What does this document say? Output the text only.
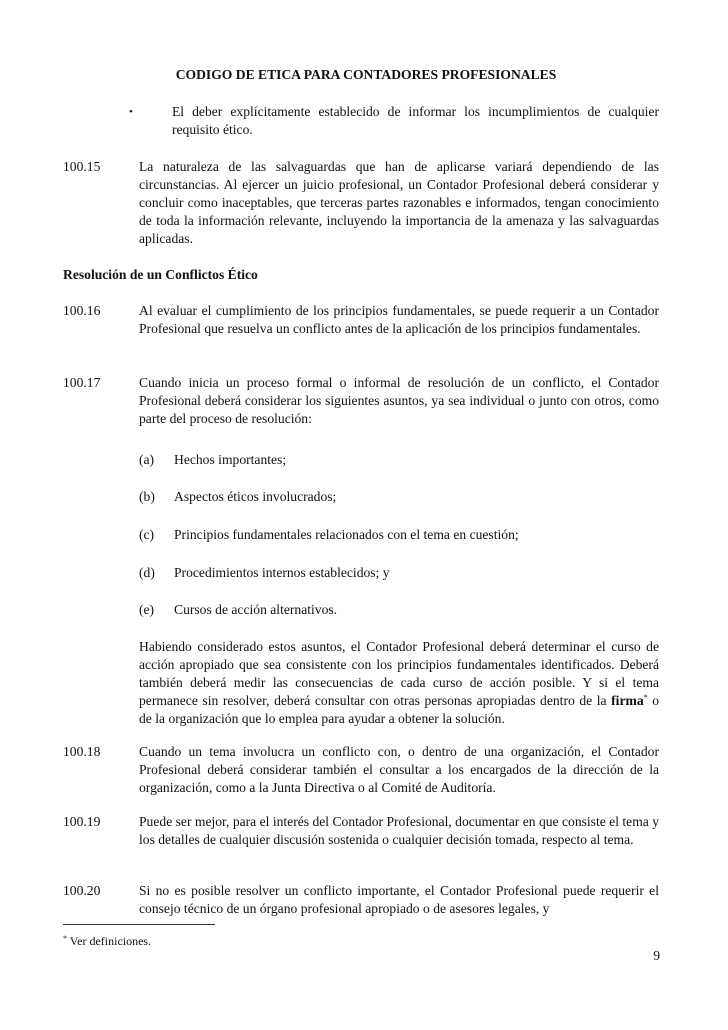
CODIGO DE ETICA PARA CONTADORES PROFESIONALES
•	El deber explícitamente establecido de informar los incumplimientos de cualquier requisito ético.
100.15	La naturaleza de las salvaguardas que han de aplicarse variará dependiendo de las circunstancias. Al ejercer un juicio profesional, un Contador Profesional deberá considerar y concluir como inaceptables, que terceras partes razonables e informados, tengan conocimiento de toda la información relevante, incluyendo la importancia de la amenaza y las salvaguardas aplicadas.
Resolución de un Conflictos Ético
100.16	Al evaluar el cumplimiento de los principios fundamentales, se puede requerir a un Contador Profesional que resuelva un conflicto antes de la aplicación de los principios fundamentales.
100.17	Cuando inicia un proceso formal o informal de resolución de un conflicto, el Contador Profesional deberá considerar los siguientes asuntos, ya sea individual o junto con otros, como parte del proceso de resolución:
(a) Hechos importantes;
(b) Aspectos éticos involucrados;
(c) Principios fundamentales relacionados con el tema en cuestión;
(d) Procedimientos internos establecidos; y
(e) Cursos de acción alternativos.
Habiendo considerado estos asuntos, el Contador Profesional deberá determinar el curso de acción apropiado que sea consistente con los principios fundamentales identificados. Deberá también deberá medir las consecuencias de cada curso de acción posible. Y si el tema permanece sin resolver, deberá consultar con otras personas apropiadas dentro de la firma* o de la organización que lo emplea para ayudar a obtener la solución.
100.18	Cuando un tema involucra un conflicto con, o dentro de una organización, el Contador Profesional deberá considerar también el consultar a los encargados de la dirección de la organización, como a la Junta Directiva o al Comité de Auditoría.
100.19	Puede ser mejor, para el interés del Contador Profesional, documentar en que consiste el tema y los detalles de cualquier discusión sostenida o cualquier decisión tomada, respecto al tema.
100.20	Si no es posible resolver un conflicto importante, el Contador Profesional puede requerir el consejo técnico de un órgano profesional apropiado o de asesores legales, y
* Ver definiciones.
9
